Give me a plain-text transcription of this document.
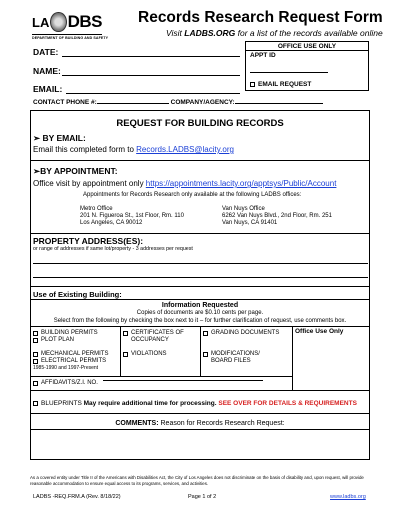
LA DBS
DEPARTMENT OF BUILDING AND SAFETY
Records Research Request Form
Visit LADBS.ORG for a list of the records available online
DATE:
NAME:
EMAIL:
OFFICE USE ONLY
APPT ID
EMAIL REQUEST
CONTACT PHONE #:	COMPANY/AGENCY:
REQUEST FOR BUILDING RECORDS
➢ BY EMAIL:
Email this completed form to Records.LADBS@lacity.org
➢BY APPOINTMENT:
Office visit by appointment only https://appointments.lacity.org/apptsys/Public/Account
Appointments for Records Research only available at the following LADBS offices:
Metro Office
201 N. Figueroa St., 1st Floor, Rm. 110
Los Angeles, CA 90012
Van Nuys Office
6262 Van Nuys Blvd., 2nd Floor, Rm. 251
Van Nuys, CA 91401
PROPERTY ADDRESS(ES):
or range of addresses if same lot/property - 3 addresses per request
Use of Existing Building:
Information Requested
Copies of documents are $0.10 cents per page.
Select from the following by checking the box next to it – for further clarification of request, use comments box.
Office Use Only
BUILDING PERMITS
PLOT PLAN
MECHANICAL PERMITS
ELECTRICAL PERMITS
1985-1990 and 1997-Present
CERTIFICATES OF
OCCUPANCY
VIOLATIONS
GRADING DOCUMENTS
MODIFICATIONS/
BOARD FILES
AFFIDAVITS/Z.I. NO.
BLUEPRINTS May require additional time for processing. SEE OVER FOR DETAILS & REQUIREMENTS
COMMENTS: Reason for Records Research Request:
As a covered entity under Title II of the Americans with Disabilities Act, the City of Los Angeles does not discriminate on the basis of disability and, upon request, will provide reasonable accommodation to ensure equal access to its programs, services, and activities.
LADBS -REQ.FRM.A (Rev. 8/18/22)	Page 1 of 2	www.ladbs.org
